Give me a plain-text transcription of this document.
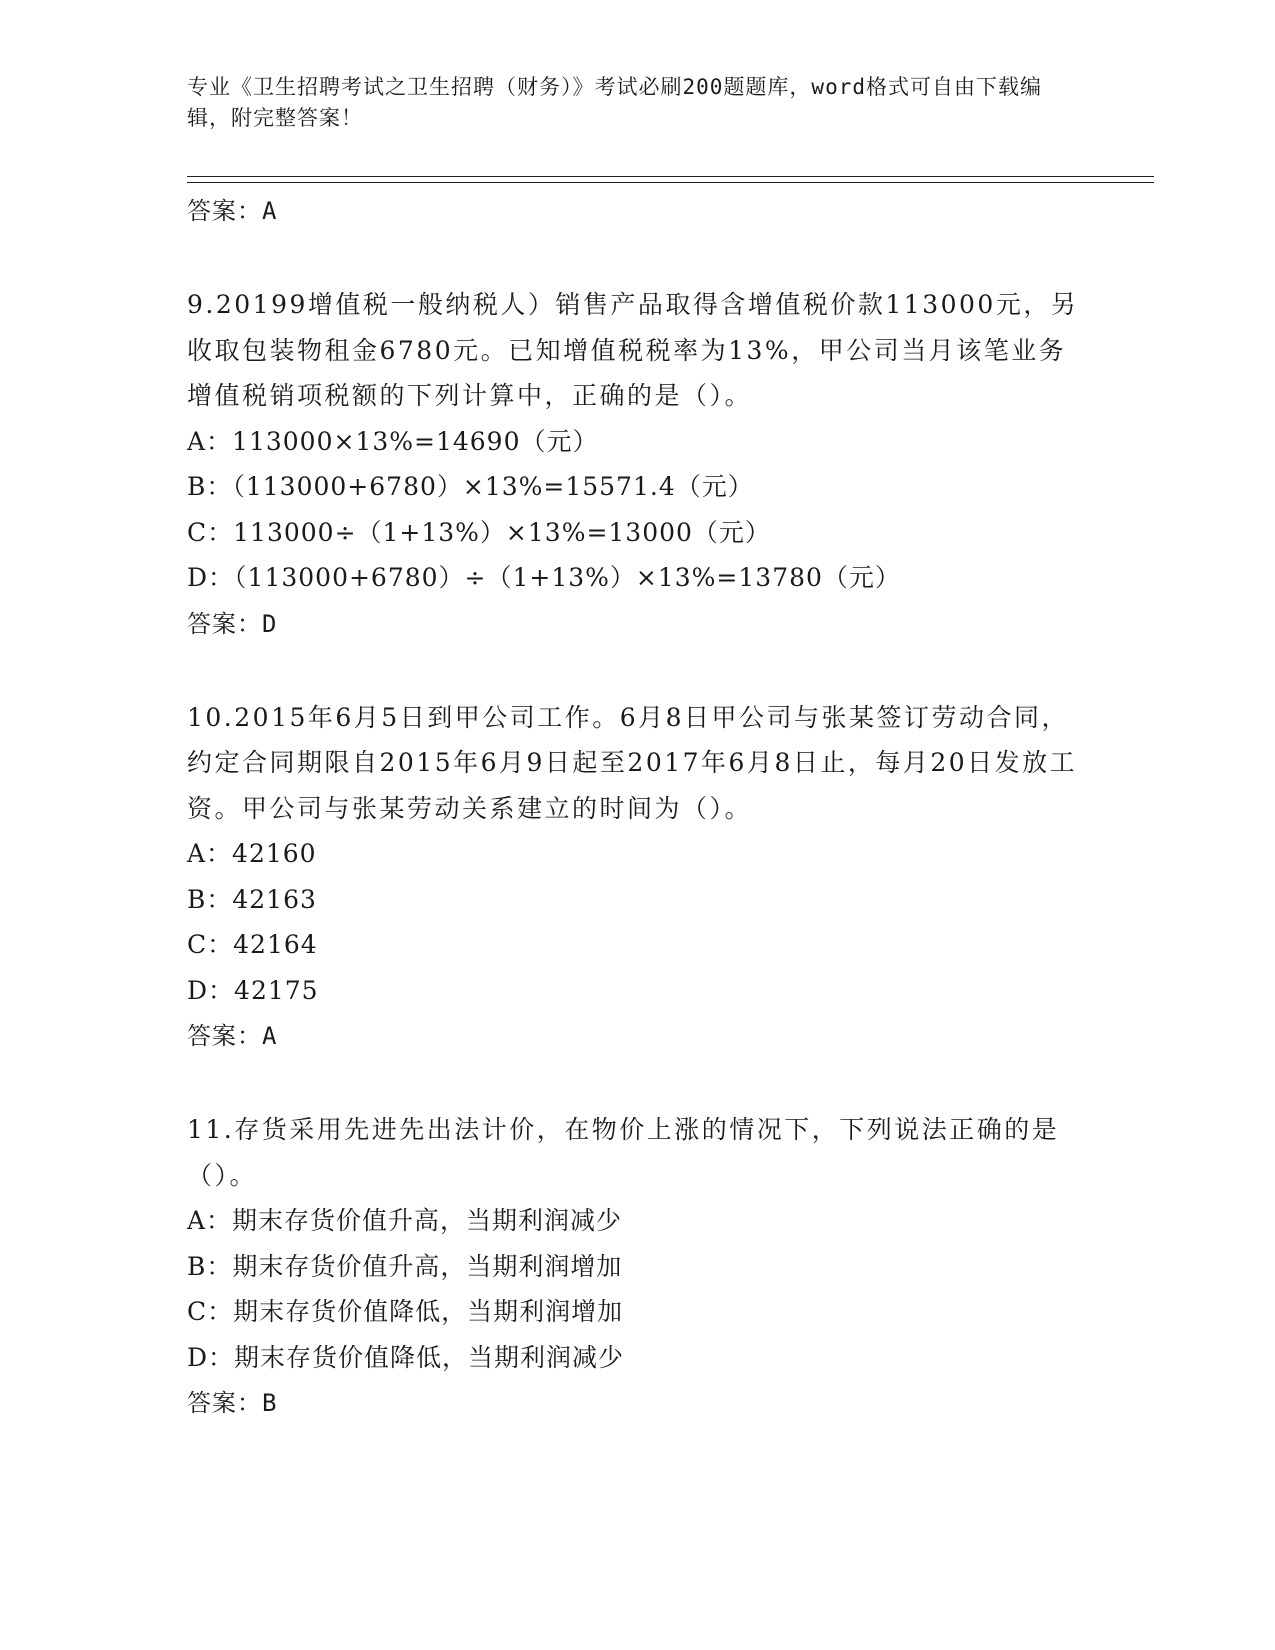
专业《卫生招聘考试之卫生招聘（财务）》考试必刷200题题库，word格式可自由下载编辑，附完整答案！
答案：A
9.20199增值税一般纳税人）销售产品取得含增值税价款113000元，另收取包装物租金6780元。已知增值税税率为13%，甲公司当月该笔业务增值税销项税额的下列计算中，正确的是（）。
A：113000×13%=14690（元）
B：（113000+6780）×13%=15571.4（元）
C：113000÷（1+13%）×13%=13000（元）
D：（113000+6780）÷（1+13%）×13%=13780（元）
答案：D
10.2015年6月5日到甲公司工作。6月8日甲公司与张某签订劳动合同，约定合同期限自2015年6月9日起至2017年6月8日止，每月20日发放工资。甲公司与张某劳动关系建立的时间为（）。
A：42160
B：42163
C：42164
D：42175
答案：A
11.存货采用先进先出法计价，在物价上涨的情况下，下列说法正确的是（）。
A：期末存货价值升高，当期利润减少
B：期末存货价值升高，当期利润增加
C：期末存货价值降低，当期利润增加
D：期末存货价值降低，当期利润减少
答案：B
